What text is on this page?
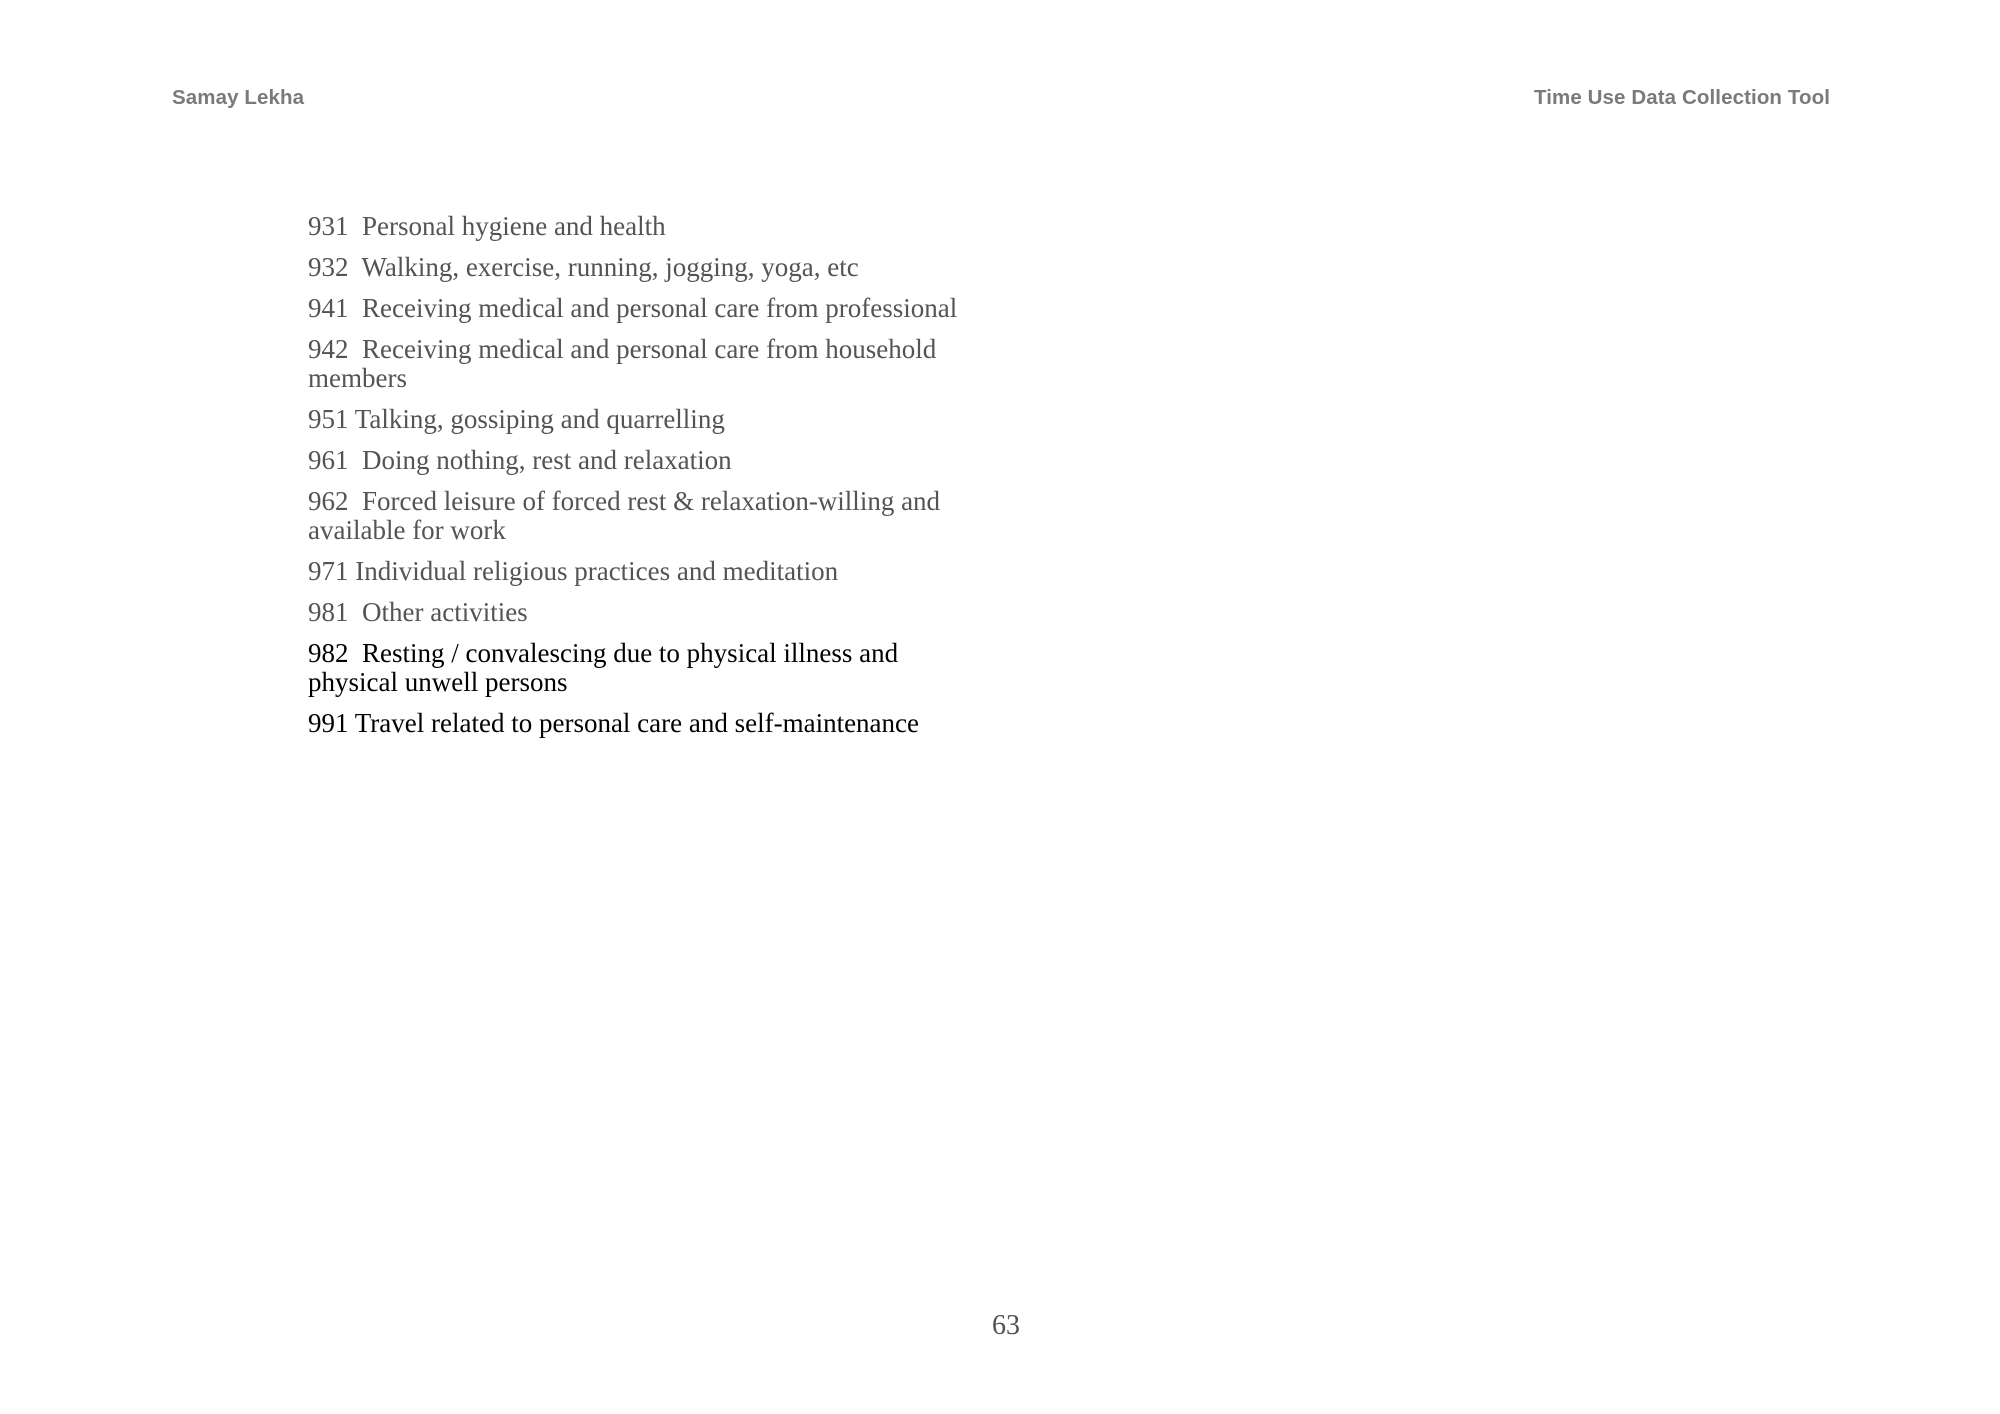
Samay Lekha	Time Use Data Collection Tool
931  Personal hygiene and health
932  Walking, exercise, running, jogging, yoga, etc
941  Receiving medical and personal care from professional
942  Receiving medical and personal care from household members
951 Talking, gossiping and quarrelling
961  Doing nothing, rest and relaxation
962  Forced leisure of forced rest & relaxation-willing and available for work
971 Individual religious practices and meditation
981  Other activities
982  Resting / convalescing due to physical illness and physical unwell persons
991 Travel related to personal care and self-maintenance
63
